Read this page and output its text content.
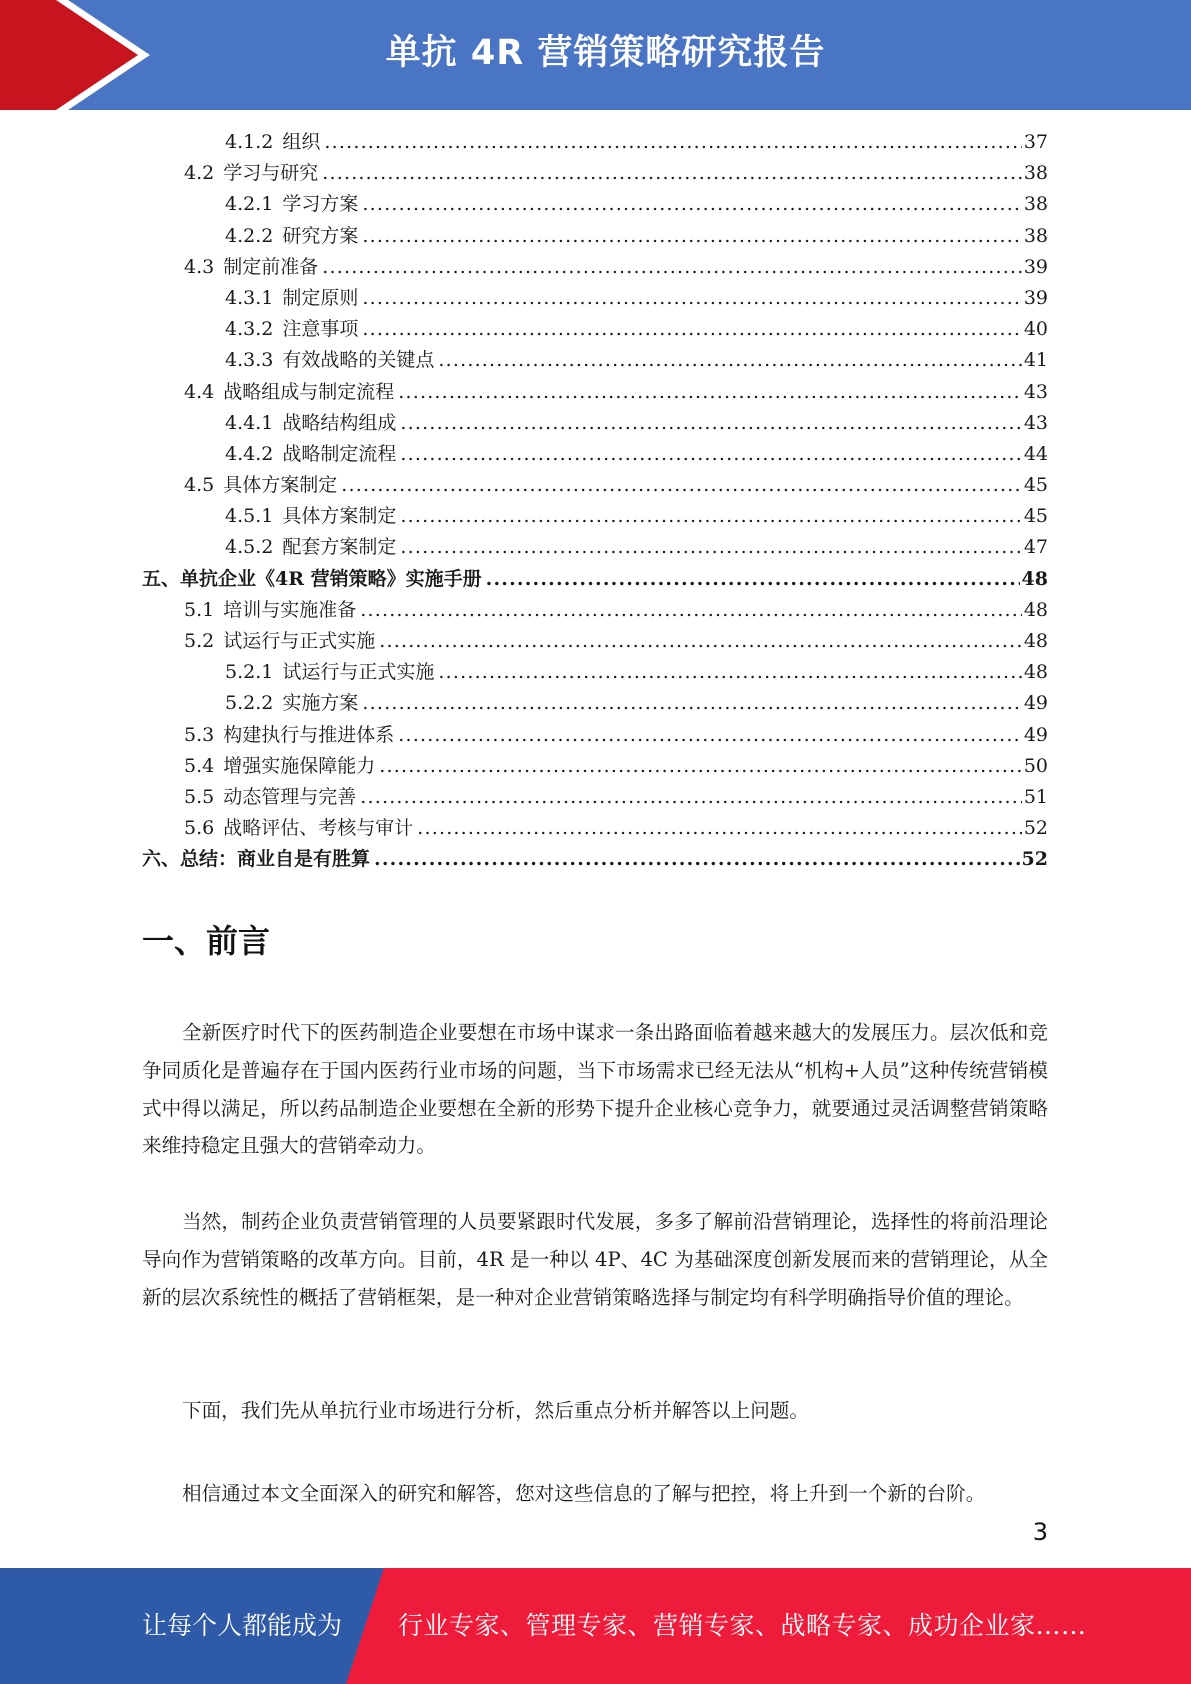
单抗 4R 营销策略研究报告
4.1.2 组织 .....	37
4.2 学习与研究 .....	38
4.2.1 学习方案 .....	38
4.2.2 研究方案 .....	38
4.3 制定前准备 .....	39
4.3.1 制定原则 .....	39
4.3.2 注意事项 .....	40
4.3.3 有效战略的关键点 .....	41
4.4 战略组成与制定流程 .....	43
4.4.1 战略结构组成 .....	43
4.4.2 战略制定流程 .....	44
4.5 具体方案制定 .....	45
4.5.1 具体方案制定 .....	45
4.5.2 配套方案制定 .....	47
五、单抗企业《4R 营销策略》实施手册 .....	48
5.1 培训与实施准备 .....	48
5.2 试运行与正式实施 .....	48
5.2.1 试运行与正式实施 .....	48
5.2.2 实施方案 .....	49
5.3 构建执行与推进体系 .....	49
5.4 增强实施保障能力 .....	50
5.5 动态管理与完善 .....	51
5.6 战略评估、考核与审计 .....	52
六、总结：商业自是有胜算 .....	52
一、前言

全新医疗时代下的医药制造企业要想在市场中谋求一条出路面临着越来越大的发展压力。层次低和竞争同质化是普遍存在于国内医药行业市场的问题，当下市场需求已经无法从“机构+人员”这种传统营销模式中得以满足，所以药品制造企业要想在全新的形势下提升企业核心竞争力，就要通过灵活调整营销策略来维持稳定且强大的营销牵动力。

当然，制药企业负责营销管理的人员要紧跟时代发展，多多了解前沿营销理论，选择性的将前沿理论导向作为营销策略的改革方向。目前，4R 是一种以 4P、4C 为基础深度创新发展而来的营销理论，从全新的层次系统性的概括了营销框架，是一种对企业营销策略选择与制定均有科学明确指导价值的理论。

下面，我们先从单抗行业市场进行分析，然后重点分析并解答以上问题。

相信通过本文全面深入的研究和解答，您对这些信息的了解与把控，将上升到一个新的台阶。

3
让每个人都能成为 行业专家、管理专家、营销专家、战略专家、成功企业家……
